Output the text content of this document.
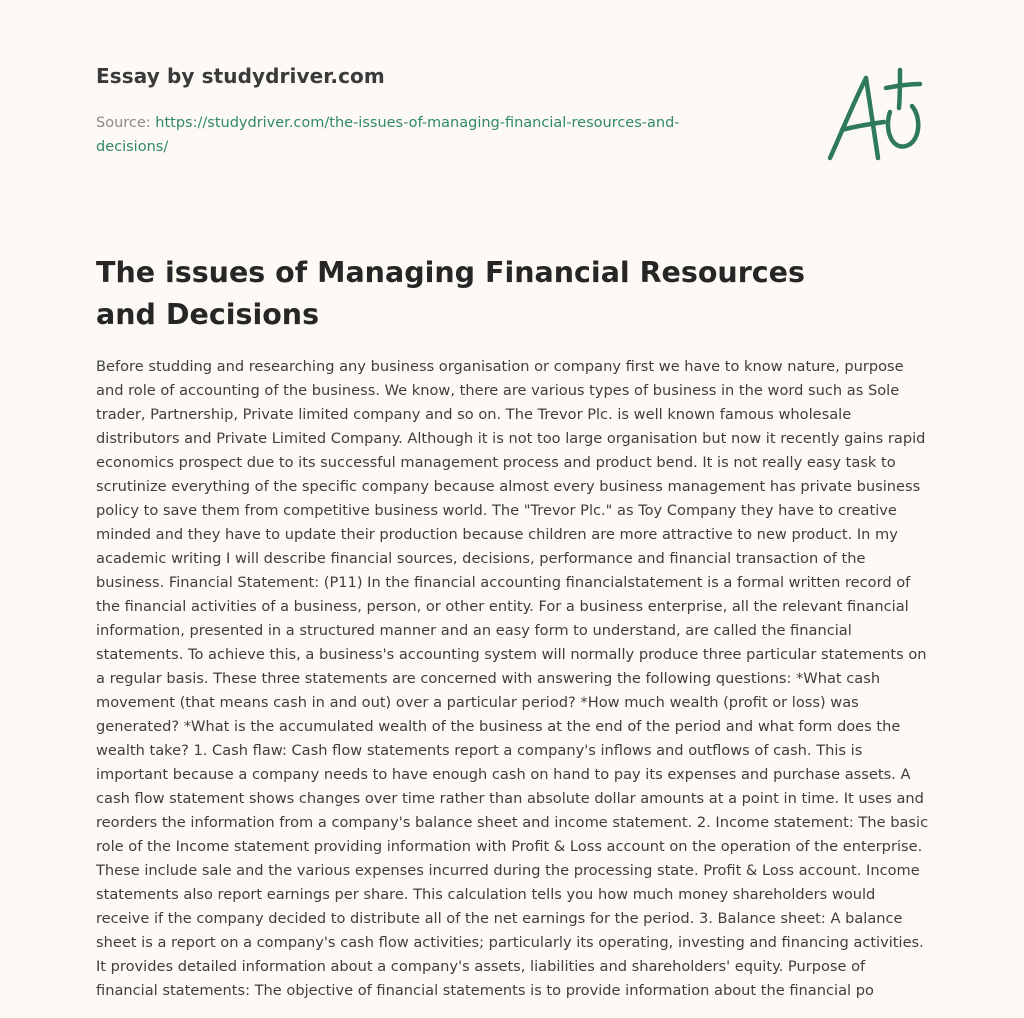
Essay by studydriver.com
Source: https://studydriver.com/the-issues-of-managing-financial-resources-and-decisions/
The issues of Managing Financial Resources and Decisions

Before studding and researching any business organisation or company first we have to know nature, purpose and role of accounting of the business. We know, there are various types of business in the word such as Sole trader, Partnership, Private limited company and so on. The Trevor Plc. is well known famous wholesale distributors and Private Limited Company. Although it is not too large organisation but now it recently gains rapid economics prospect due to its successful management process and product bend. It is not really easy task to scrutinize everything of the specific company because almost every business management has private business policy to save them from competitive business world. The "Trevor Plc." as Toy Company they have to creative minded and they have to update their production because children are more attractive to new product. In my academic writing I will describe financial sources, decisions, performance and financial transaction of the business. Financial Statement: (P11) In the financial accounting financialstatement is a formal written record of the financial activities of a business, person, or other entity. For a business enterprise, all the relevant financial information, presented in a structured manner and an easy form to understand, are called the financial statements. To achieve this, a business's accounting system will normally produce three particular statements on a regular basis. These three statements are concerned with answering the following questions: *What cash movement (that means cash in and out) over a particular period? *How much wealth (profit or loss) was generated? *What is the accumulated wealth of the business at the end of the period and what form does the wealth take? 1. Cash flaw: Cash flow statements report a company's inflows and outflows of cash. This is important because a company needs to have enough cash on hand to pay its expenses and purchase assets. A cash flow statement shows changes over time rather than absolute dollar amounts at a point in time. It uses and reorders the information from a company's balance sheet and income statement. 2. Income statement: The basic role of the Income statement providing information with Profit & Loss account on the operation of the enterprise. These include sale and the various expenses incurred during the processing state. Profit & Loss account. Income statements also report earnings per share. This calculation tells you how much money shareholders would receive if the company decided to distribute all of the net earnings for the period. 3. Balance sheet: A balance sheet is a report on a company's cash flow activities; particularly its operating, investing and financing activities. It provides detailed information about a company's assets, liabilities and shareholders' equity. Purpose of financial statements: The objective of financial statements is to provide information about the financial po
